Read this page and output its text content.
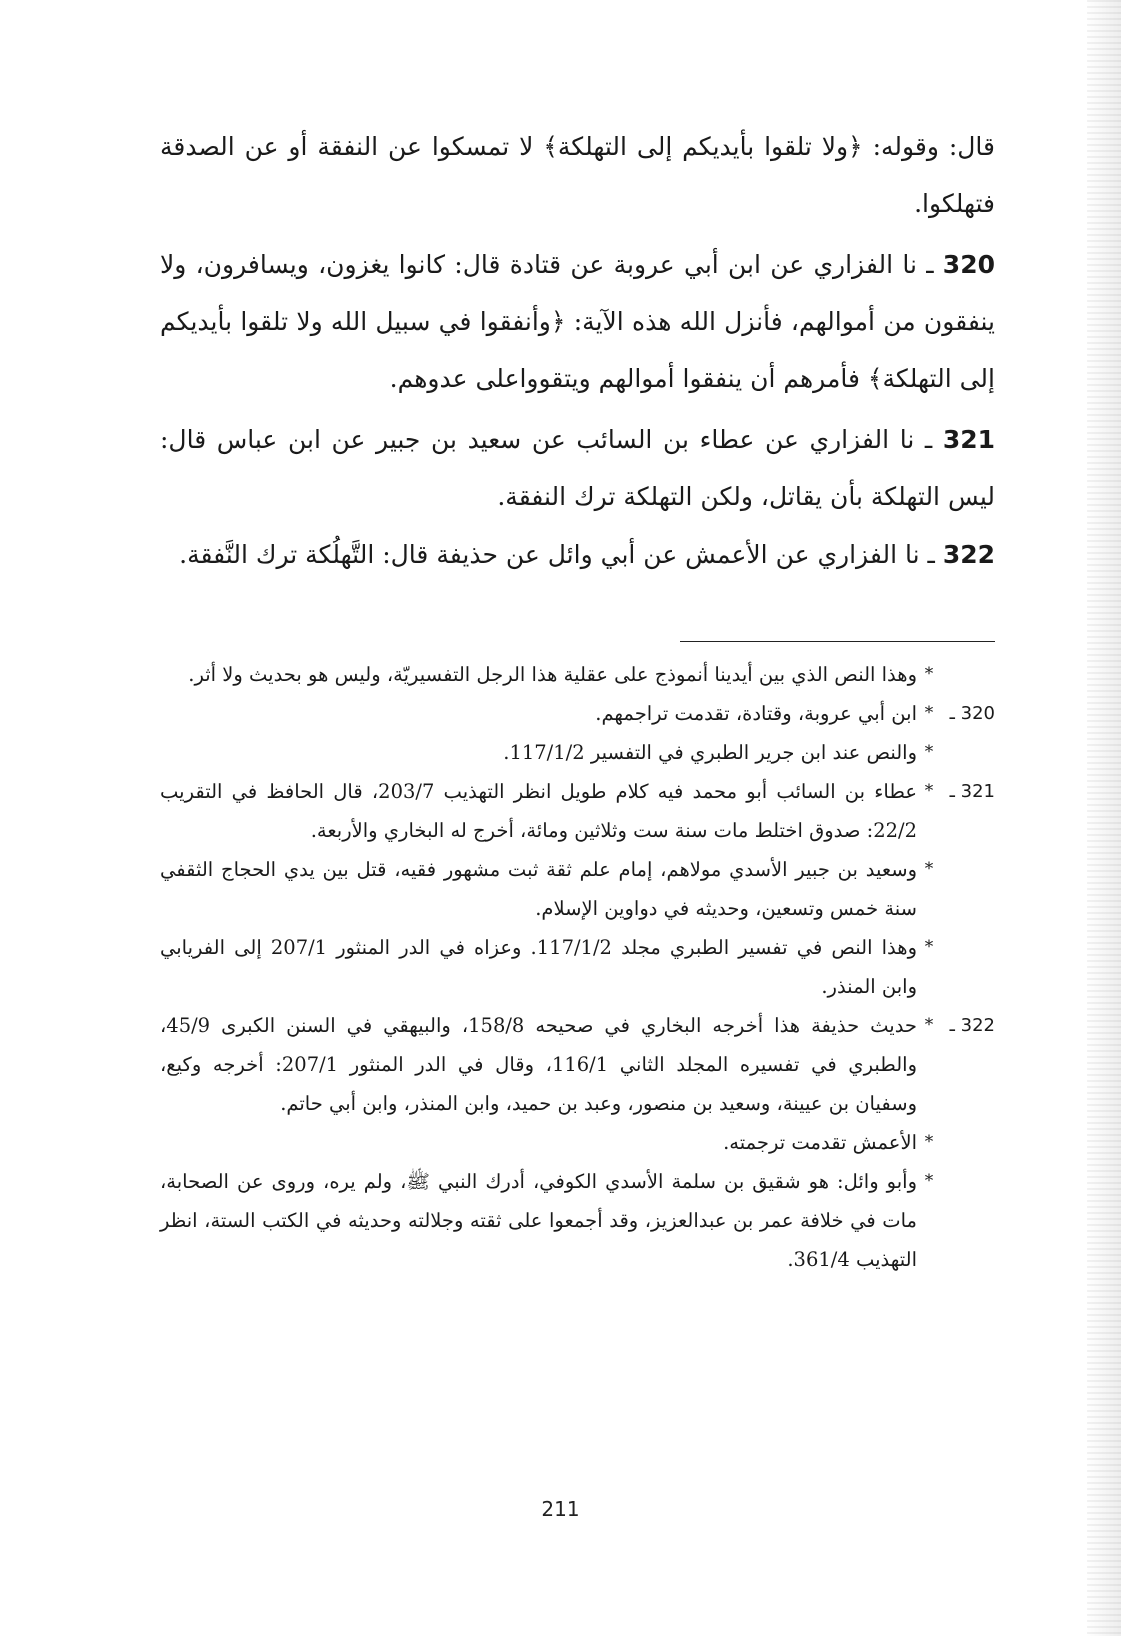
قال: وقوله: ﴿ولا تلقوا بأيديكم إلى التهلكة﴾ لا تمسكوا عن النفقة أو عن الصدقة فتهلكوا.

320 ـ نا الفزاري عن ابن أبي عروبة عن قتادة قال: كانوا يغزون، ويسافرون، ولا ينفقون من أموالهم، فأنزل الله هذه الآية: ﴿وأنفقوا في سبيل الله ولا تلقوا بأيديكم إلى التهلكة﴾ فأمرهم أن ينفقوا أموالهم ويتقوواعلى عدوهم.

321 ـ نا الفزاري عن عطاء بن السائب عن سعيد بن جبير عن ابن عباس قال: ليس التهلكة بأن يقاتل، ولكن التهلكة ترك النفقة.

322 ـ نا الفزاري عن الأعمش عن أبي وائل عن حذيفة قال: التَّهلُكة ترك النَّفقة.

*
وهذا النص الذي بين أيدينا أنموذج على عقلية هذا الرجل التفسيريّة، وليس هو بحديث ولا أثر.
320 ـ
*
ابن أبي عروبة، وقتادة، تقدمت تراجمهم.
*
والنص عند ابن جرير الطبري في التفسير 117/1/2.
321 ـ
*
عطاء بن السائب أبو محمد فيه كلام طويل انظر التهذيب 203/7، قال الحافظ في التقريب 22/2: صدوق اختلط مات سنة ست وثلاثين ومائة، أخرج له البخاري والأربعة.
*
وسعيد بن جبير الأسدي مولاهم، إمام علم ثقة ثبت مشهور فقيه، قتل بين يدي الحجاج الثقفي سنة خمس وتسعين، وحديثه في دواوين الإسلام.
*
وهذا النص في تفسير الطبري مجلد 117/1/2. وعزاه في الدر المنثور 207/1 إلى الفريابي وابن المنذر.
322 ـ
*
حديث حذيفة هذا أخرجه البخاري في صحيحه 158/8، والبيهقي في السنن الكبرى 45/9، والطبري في تفسيره المجلد الثاني 116/1، وقال في الدر المنثور 207/1: أخرجه وكيع، وسفيان بن عيينة، وسعيد بن منصور، وعبد بن حميد، وابن المنذر، وابن أبي حاتم.
*
الأعمش تقدمت ترجمته.
*
وأبو وائل: هو شقيق بن سلمة الأسدي الكوفي، أدرك النبي ﷺ، ولم يره، وروى عن الصحابة، مات في خلافة عمر بن عبدالعزيز، وقد أجمعوا على ثقته وجلالته وحديثه في الكتب الستة، انظر التهذيب 361/4.
211
